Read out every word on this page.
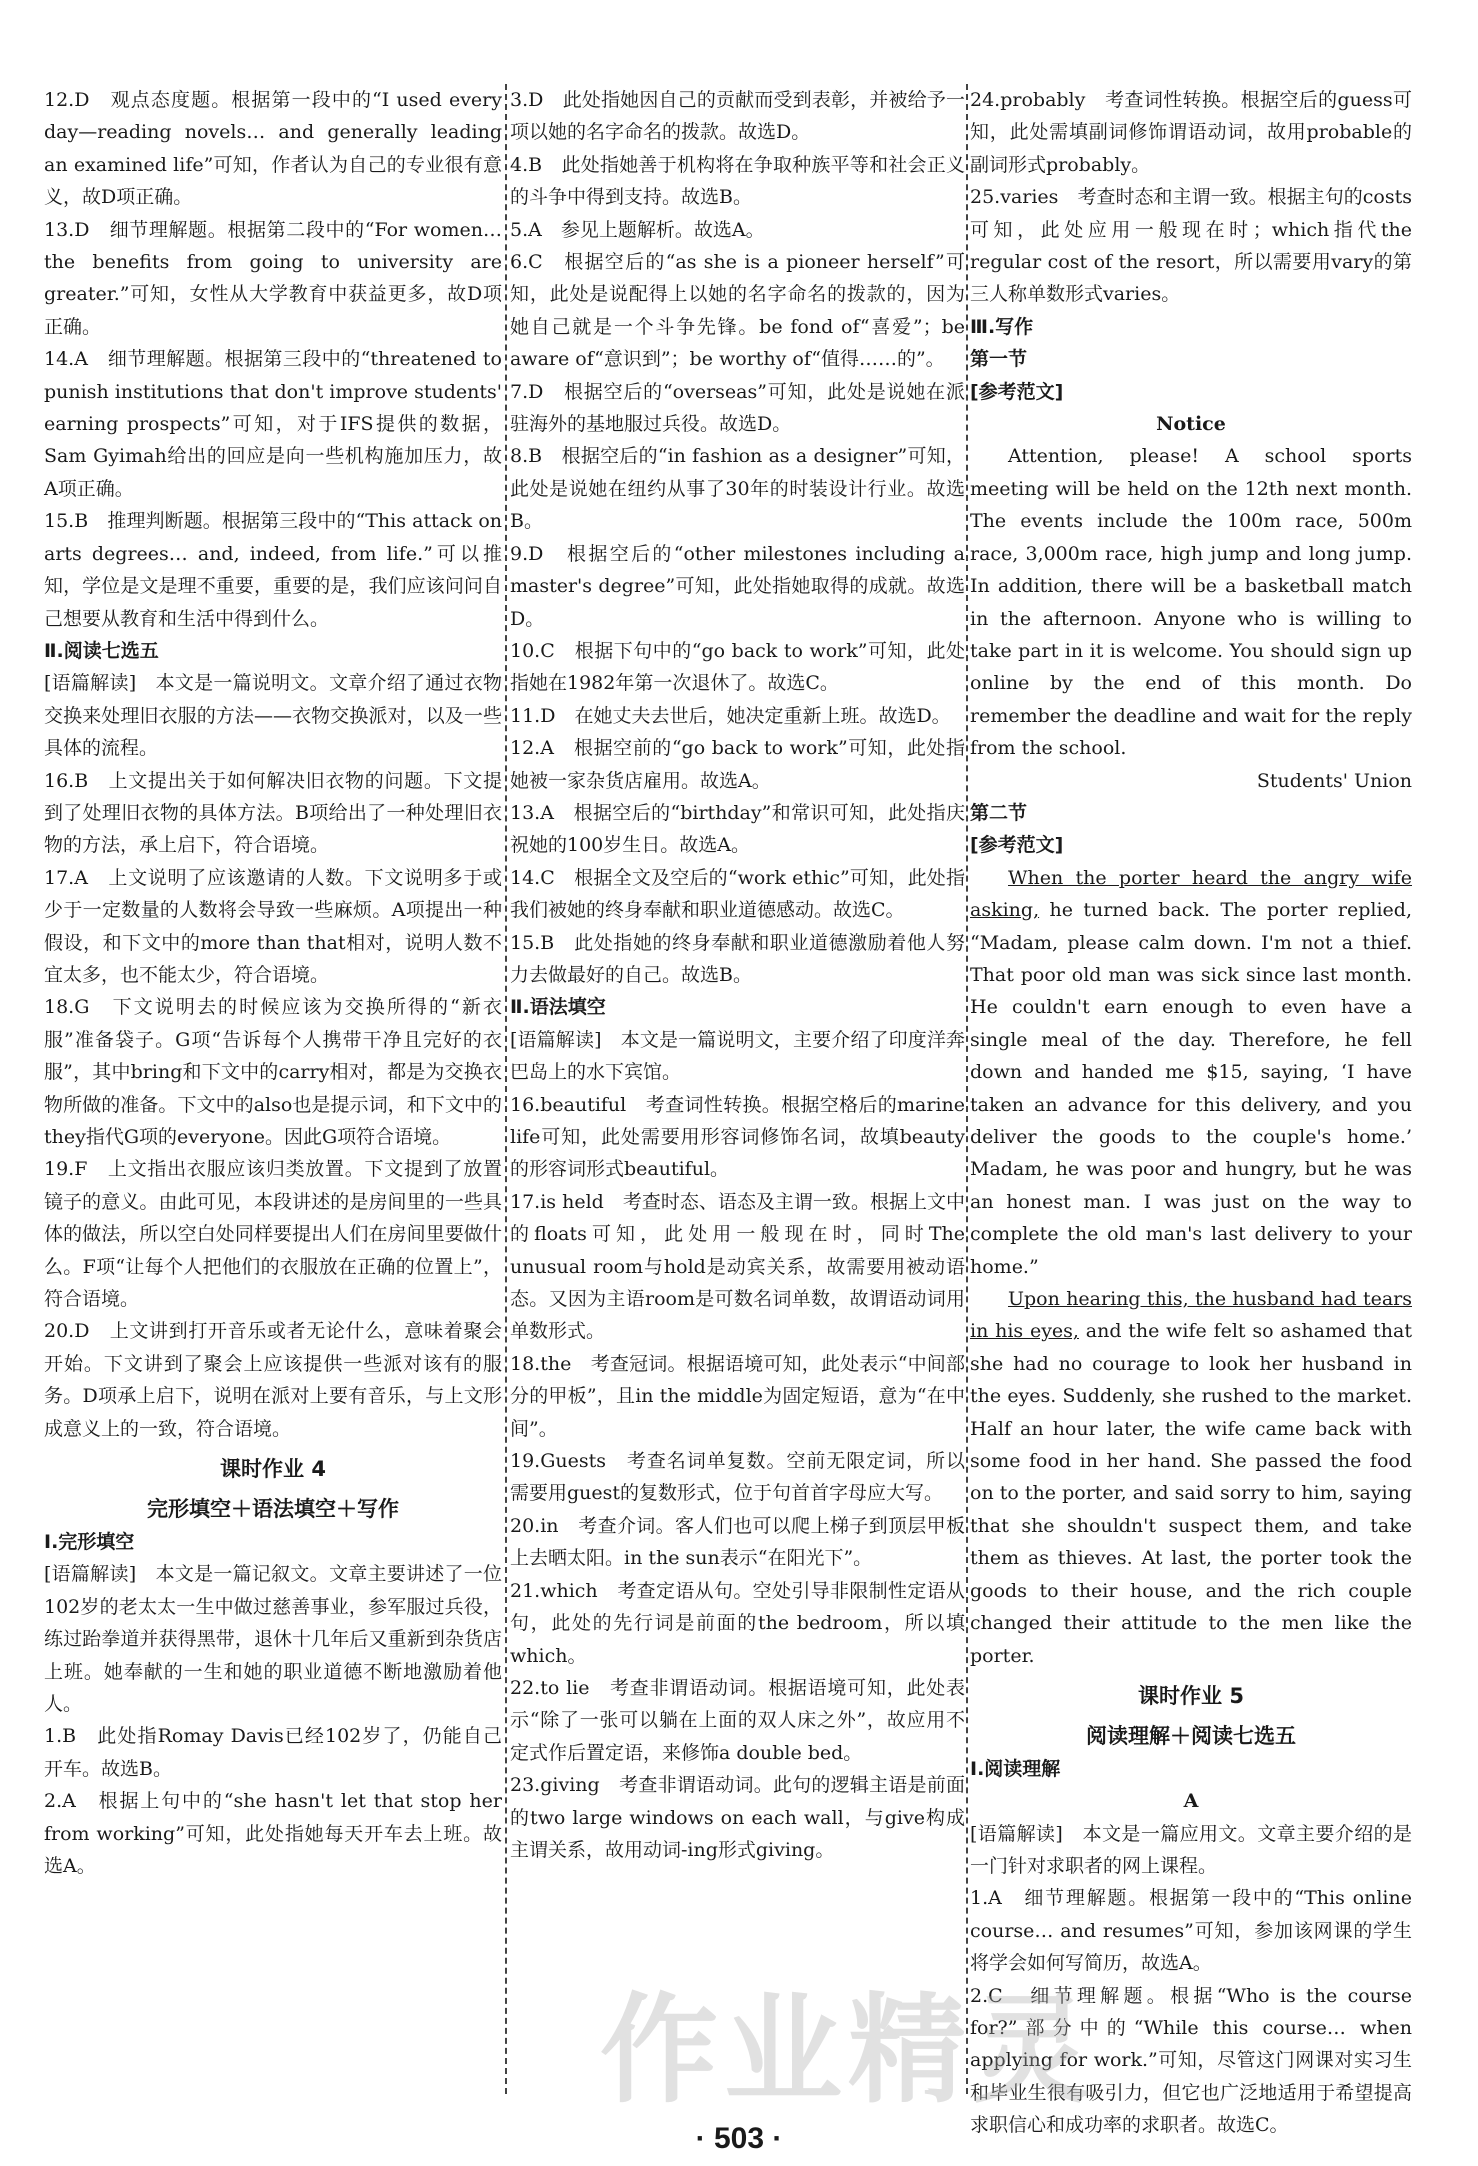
12.D　观点态度题。根据第一段中的“I used every day—reading novels… and generally leading an examined life”可知，作者认为自己的专业很有意义，故D项正确。

13.D　细节理解题。根据第二段中的“For women… the benefits from going to university are greater.”可知，女性从大学教育中获益更多，故D项正确。

14.A　细节理解题。根据第三段中的“threatened to punish institutions that don't improve students' earning prospects”可知，对于IFS提供的数据，Sam Gyimah给出的回应是向一些机构施加压力，故A项正确。

15.B　推理判断题。根据第三段中的“This attack on arts degrees… and, indeed, from life.”可以推知，学位是文是理不重要，重要的是，我们应该问问自己想要从教育和生活中得到什么。

Ⅱ.阅读七选五

[语篇解读]　本文是一篇说明文。文章介绍了通过衣物交换来处理旧衣服的方法——衣物交换派对，以及一些具体的流程。

16.B　上文提出关于如何解决旧衣物的问题。下文提到了处理旧衣物的具体方法。B项给出了一种处理旧衣物的方法，承上启下，符合语境。

17.A　上文说明了应该邀请的人数。下文说明多于或少于一定数量的人数将会导致一些麻烦。A项提出一种假设，和下文中的more than that相对，说明人数不宜太多，也不能太少，符合语境。

18.G　下文说明去的时候应该为交换所得的“新衣服”准备袋子。G项“告诉每个人携带干净且完好的衣服”，其中bring和下文中的carry相对，都是为交换衣物所做的准备。下文中的also也是提示词，和下文中的they指代G项的everyone。因此G项符合语境。

19.F　上文指出衣服应该归类放置。下文提到了放置镜子的意义。由此可见，本段讲述的是房间里的一些具体的做法，所以空白处同样要提出人们在房间里要做什么。F项“让每个人把他们的衣服放在正确的位置上”，符合语境。

20.D　上文讲到打开音乐或者无论什么，意味着聚会开始。下文讲到了聚会上应该提供一些派对该有的服务。D项承上启下，说明在派对上要有音乐，与上文形成意义上的一致，符合语境。

课时作业 4

完形填空＋语法填空＋写作

Ⅰ.完形填空

[语篇解读]　本文是一篇记叙文。文章主要讲述了一位102岁的老太太一生中做过慈善事业，参军服过兵役，练过跆拳道并获得黑带，退休十几年后又重新到杂货店上班。她奉献的一生和她的职业道德不断地激励着他人。

1.B　此处指Romay Davis已经102岁了，仍能自己开车。故选B。

2.A　根据上句中的“she hasn't let that stop her from working”可知，此处指她每天开车去上班。故选A。

3.D　此处指她因自己的贡献而受到表彰，并被给予一项以她的名字命名的拨款。故选D。

4.B　此处指她善于机构将在争取种族平等和社会正义的斗争中得到支持。故选B。

5.A　参见上题解析。故选A。

6.C　根据空后的“as she is a pioneer herself”可知，此处是说配得上以她的名字命名的拨款的，因为她自己就是一个斗争先锋。be fond of“喜爱”；be aware of“意识到”；be worthy of“值得……的”。

7.D　根据空后的“overseas”可知，此处是说她在派驻海外的基地服过兵役。故选D。

8.B　根据空后的“in fashion as a designer”可知，此处是说她在纽约从事了30年的时装设计行业。故选B。

9.D　根据空后的“other milestones including a master's degree”可知，此处指她取得的成就。故选D。

10.C　根据下句中的“go back to work”可知，此处指她在1982年第一次退休了。故选C。

11.D　在她丈夫去世后，她决定重新上班。故选D。

12.A　根据空前的“go back to work”可知，此处指她被一家杂货店雇用。故选A。

13.A　根据空后的“birthday”和常识可知，此处指庆祝她的100岁生日。故选A。

14.C　根据全文及空后的“work ethic”可知，此处指我们被她的终身奉献和职业道德感动。故选C。

15.B　此处指她的终身奉献和职业道德激励着他人努力去做最好的自己。故选B。

Ⅱ.语法填空

[语篇解读]　本文是一篇说明文，主要介绍了印度洋奔巴岛上的水下宾馆。

16.beautiful　考查词性转换。根据空格后的marine life可知，此处需要用形容词修饰名词，故填beauty的形容词形式beautiful。

17.is held　考查时态、语态及主谓一致。根据上文中的floats可知，此处用一般现在时，同时The unusual room与hold是动宾关系，故需要用被动语态。又因为主语room是可数名词单数，故谓语动词用单数形式。

18.the　考查冠词。根据语境可知，此处表示“中间部分的甲板”，且in the middle为固定短语，意为“在中间”。

19.Guests　考查名词单复数。空前无限定词，所以需要用guest的复数形式，位于句首首字母应大写。

20.in　考查介词。客人们也可以爬上梯子到顶层甲板上去晒太阳。in the sun表示“在阳光下”。

21.which　考查定语从句。空处引导非限制性定语从句，此处的先行词是前面的the bedroom，所以填which。

22.to lie　考查非谓语动词。根据语境可知，此处表示“除了一张可以躺在上面的双人床之外”，故应用不定式作后置定语，来修饰a double bed。

23.giving　考查非谓语动词。此句的逻辑主语是前面的two large windows on each wall，与give构成主谓关系，故用动词-ing形式giving。

24.probably　考查词性转换。根据空后的guess可知，此处需填副词修饰谓语动词，故用probable的副词形式probably。

25.varies　考查时态和主谓一致。根据主句的costs可知，此处应用一般现在时；which指代the regular cost of the resort，所以需要用vary的第三人称单数形式varies。

Ⅲ.写作

第一节

[参考范文]

Notice

Attention, please! A school sports meeting will be held on the 12th next month. The events include the 100m race, 500m race, 3,000m race, high jump and long jump. In addition, there will be a basketball match in the afternoon. Anyone who is willing to take part in it is welcome. You should sign up online by the end of this month. Do remember the deadline and wait for the reply from the school.

Students' Union

第二节

[参考范文]

When the porter heard the angry wife asking, he turned back. The porter replied, “Madam, please calm down. I'm not a thief. That poor old man was sick since last month. He couldn't earn enough to even have a single meal of the day. Therefore, he fell down and handed me $15, saying, ‘I have taken an advance for this delivery, and you deliver the goods to the couple's home.’ Madam, he was poor and hungry, but he was an honest man. I was just on the way to complete the old man's last delivery to your home.”

Upon hearing this, the husband had tears in his eyes, and the wife felt so ashamed that she had no courage to look her husband in the eyes. Suddenly, she rushed to the market. Half an hour later, the wife came back with some food in her hand. She passed the food on to the porter, and said sorry to him, saying that she shouldn't suspect them, and take them as thieves. At last, the porter took the goods to their house, and the rich couple changed their attitude to the men like the porter.

课时作业 5

阅读理解＋阅读七选五

Ⅰ.阅读理解

A

[语篇解读]　本文是一篇应用文。文章主要介绍的是一门针对求职者的网上课程。

1.A　细节理解题。根据第一段中的“This online course… and resumes”可知，参加该网课的学生将学会如何写简历，故选A。

2.C　细节理解题。根据“Who is the course for?”部分中的“While this course… when applying for work.”可知，尽管这门网课对实习生和毕业生很有吸引力，但它也广泛地适用于希望提高求职信心和成功率的求职者。故选C。

作业精灵
· 503 ·
